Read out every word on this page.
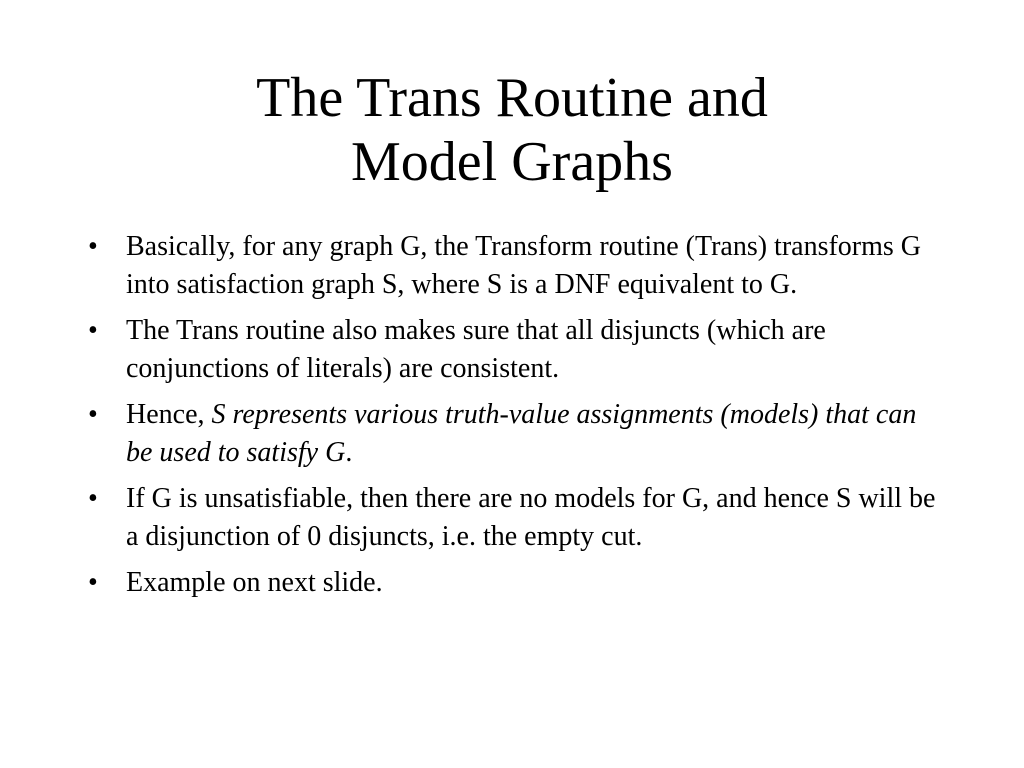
The Trans Routine and
Model Graphs
•	Basically, for any graph G, the Transform routine (Trans) transforms G into satisfaction graph S, where S is a DNF equivalent to G.
•	The Trans routine also makes sure that all disjuncts (which are conjunctions of literals) are consistent.
•	Hence, S represents various truth-value assignments (models) that can be used to satisfy G.
•	If G is unsatisfiable, then there are no models for G, and hence S will be a disjunction of 0 disjuncts, i.e. the empty cut.
•	Example on next slide.
